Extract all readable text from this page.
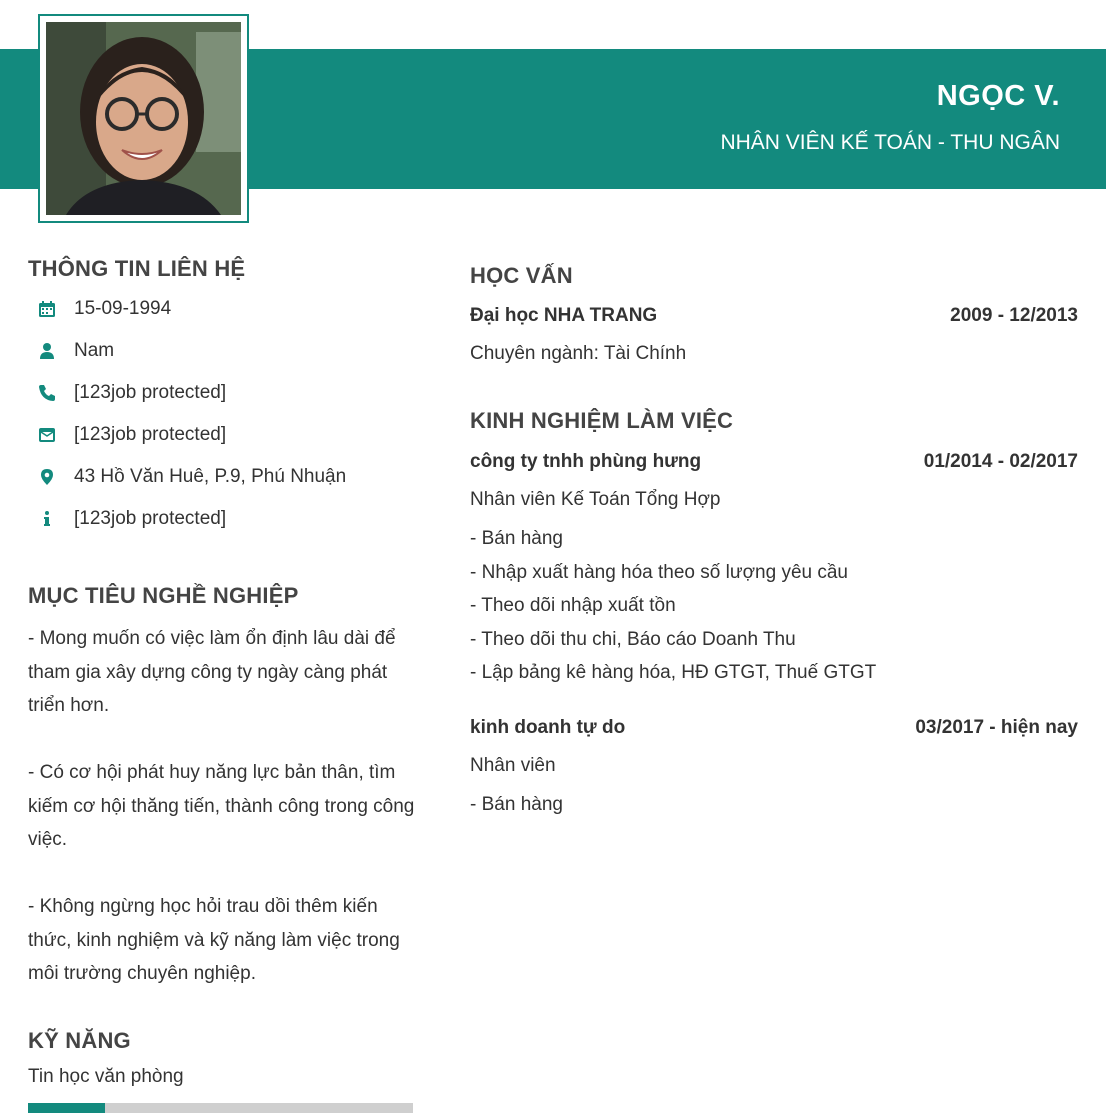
NGỌC V.
NHÂN VIÊN KẾ TOÁN - THU NGÂN
THÔNG TIN LIÊN HỆ
15-09-1994
Nam
[123job protected]
[123job protected]
43 Hồ Văn Huê, P.9, Phú Nhuận
[123job protected]
MỤC TIÊU NGHỀ NGHIỆP

- Mong muốn có việc làm ổn định lâu dài để tham gia xây dựng công ty ngày càng phát triển hơn.

- Có cơ hội phát huy năng lực bản thân, tìm kiếm cơ hội thăng tiến, thành công trong công việc.

- Không ngừng học hỏi trau dồi thêm kiến thức, kinh nghiệm và kỹ năng làm việc trong môi trường chuyên nghiệp.

KỸ NĂNG
Tin học văn phòng
HỌC VẤN
Đại học NHA TRANG	2009 - 12/2013
Chuyên ngành: Tài Chính
KINH NGHIỆM LÀM VIỆC
công ty tnhh phùng hưng	01/2014 - 02/2017
Nhân viên Kế Toán Tổng Hợp
- Bán hàng
- Nhập xuất hàng hóa theo số lượng yêu cầu
- Theo dõi nhập xuất tồn
- Theo dõi thu chi, Báo cáo Doanh Thu
- Lập bảng kê hàng hóa, HĐ GTGT, Thuế GTGT
kinh doanh tự do	03/2017 - hiện nay
Nhân viên
- Bán hàng
